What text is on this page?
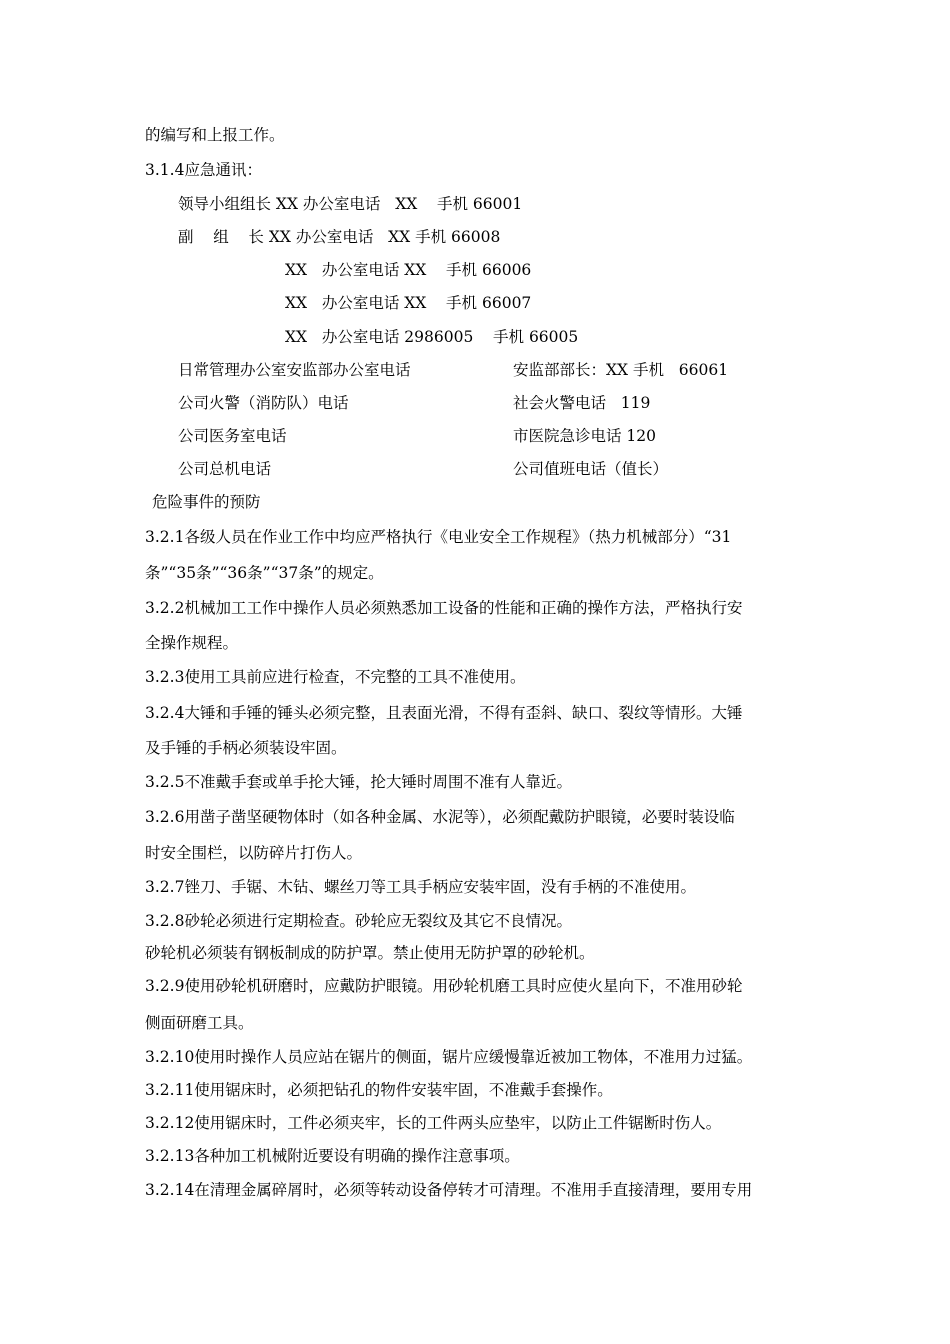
的编写和上报工作。
3.1.4应急通讯：
领导小组组长 XX 办公室电话   XX    手机 66001
副    组    长 XX 办公室电话   XX 手机 66008
XX   办公室电话 XX    手机 66006
XX   办公室电话 XX    手机 66007
XX   办公室电话 2986005    手机 66005
日常管理办公室安监部办公室电话	安监部部长：XX 手机   66061
公司火警（消防队）电话	社会火警电话   119
公司医务室电话	市医院急诊电话 120
公司总机电话	公司值班电话（值长）
危险事件的预防
3.2.1各级人员在作业工作中均应严格执行《电业安全工作规程》（热力机械部分）“31
条”“35条”“36条”“37条”的规定。
3.2.2机械加工工作中操作人员必须熟悉加工设备的性能和正确的操作方法，严格执行安
全操作规程。
3.2.3使用工具前应进行检查，不完整的工具不准使用。
3.2.4大锤和手锤的锤头必须完整，且表面光滑，不得有歪斜、缺口、裂纹等情形。大锤
及手锤的手柄必须装设牢固。
3.2.5不准戴手套或单手抡大锤，抡大锤时周围不准有人靠近。
3.2.6用凿子凿坚硬物体时（如各种金属、水泥等），必须配戴防护眼镜，必要时装设临
时安全围栏，以防碎片打伤人。
3.2.7锉刀、手锯、木钻、螺丝刀等工具手柄应安装牢固，没有手柄的不准使用。
3.2.8砂轮必须进行定期检查。砂轮应无裂纹及其它不良情况。
砂轮机必须装有钢板制成的防护罩。禁止使用无防护罩的砂轮机。
3.2.9使用砂轮机研磨时，应戴防护眼镜。用砂轮机磨工具时应使火星向下，不准用砂轮
侧面研磨工具。
3.2.10使用时操作人员应站在锯片的侧面，锯片应缓慢靠近被加工物体，不准用力过猛。
3.2.11使用锯床时，必须把钻孔的物件安装牢固，不准戴手套操作。
3.2.12使用锯床时，工件必须夹牢，长的工件两头应垫牢，以防止工件锯断时伤人。
3.2.13各种加工机械附近要设有明确的操作注意事项。
3.2.14在清理金属碎屑时，必须等转动设备停转才可清理。不准用手直接清理，要用专用
